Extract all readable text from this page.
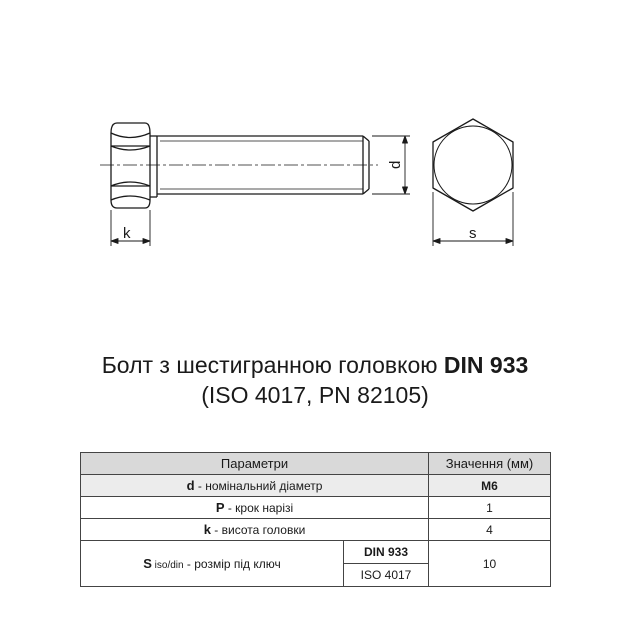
k
d
s
Болт з шестигранною головкою DIN 933
(ISO 4017, PN 82105)
Параметри		Значення (мм)
d - номінальний діаметр		M6
P - крок нарізі		1
k - висота головки		4
S iso/din - розмір під ключ	DIN 933	10
	ISO 4017	
